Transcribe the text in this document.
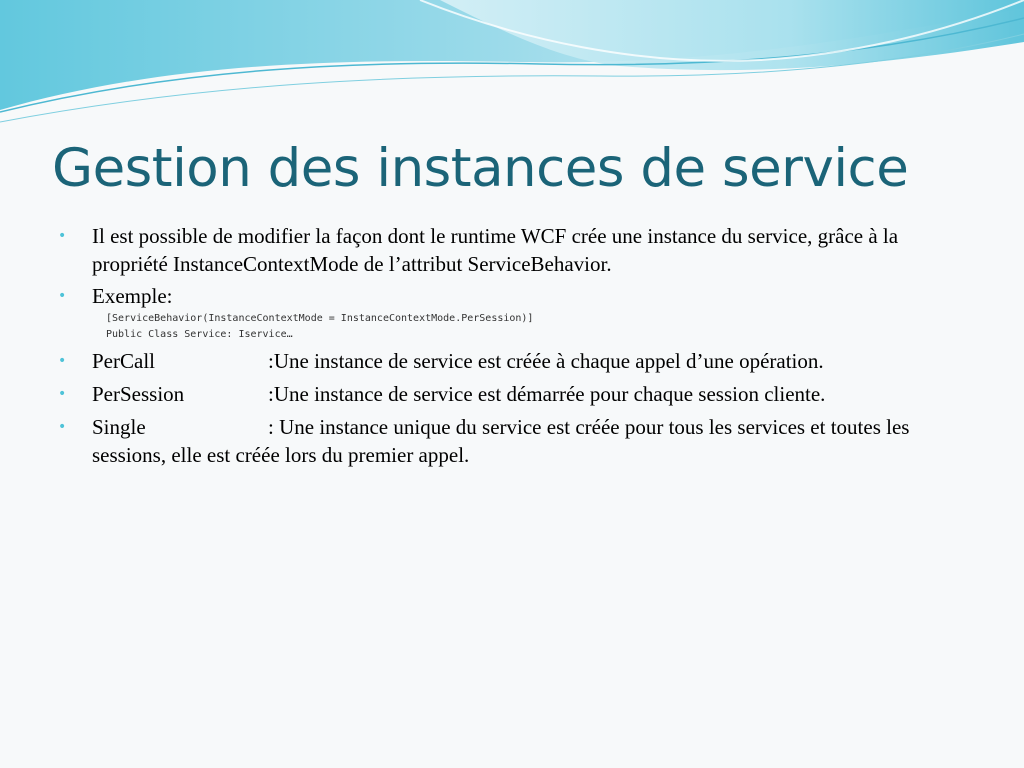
Gestion des instances de service
•	Il est possible de modifier la façon dont le runtime WCF crée une instance du service, grâce à la propriété InstanceContextMode de l’attribut ServiceBehavior.
•	Exemple:
[ServiceBehavior(InstanceContextMode = InstanceContextMode.PerSession)]
Public Class Service: Iservice…
•	PerCall	:Une instance de service est créée à chaque appel d’une opération.
•	PerSession	:Une instance de service est démarrée pour chaque session cliente.
•	Single	: Une instance unique du service est créée pour tous les services et toutes les sessions, elle est créée lors du premier appel.
